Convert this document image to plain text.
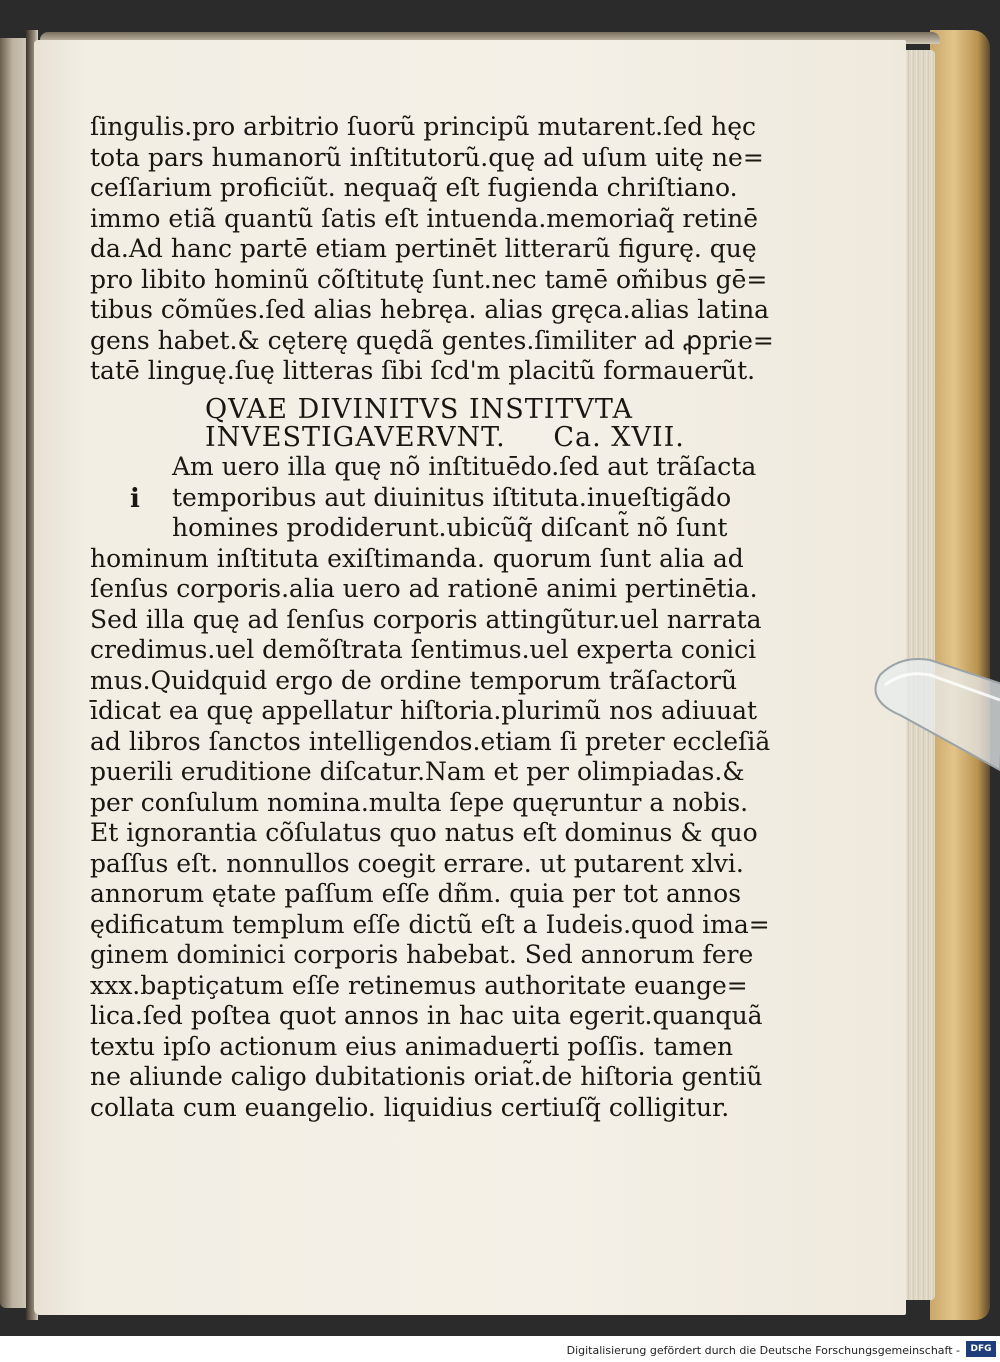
ſingulis.pro arbitrio ſuorũ principũ mutarent.ſed hęc
tota pars humanorũ inſtitutorũ.quę ad uſum uitę ne=
ceſſarium proficiũt. nequaq̃ eſt fugienda chriſtiano.
immo etiã quantũ ſatis eſt intuenda.memoriaq̃ retinē
da.Ad hanc partē etiam pertinēt litterarũ figurę. quę
pro libito hominũ cõſtitutę ſunt.nec tamē om̃ibus gē=
tibus cõmũes.ſed alias hebręa. alias gręca.alias latina
gens habet.& cęterę quędã gentes.ſimiliter ad ꝓprie=
tatē linguę.ſuę litteras ſibi ſcd'm placitũ formauerũt.
QVAE DIVINITVS INSTITVTA
INVESTIGAVERVNT. Ca. XVII.
i
Am uero illa quę nõ inſtituēdo.ſed aut trãſacta
temporibus aut diuinitus iſtituta.inueſtigãdo
homines prodiderunt.ubicũq̃ diſcant̃ nõ ſunt
hominum inſtituta exiſtimanda. quorum ſunt alia ad
ſenſus corporis.alia uero ad rationē animi pertinētia.
Sed illa quę ad ſenſus corporis attingũtur.uel narrata
credimus.uel demõſtrata ſentimus.uel experta conici
mus.Quidquid ergo de ordine temporum trãſactorũ
īdicat ea quę appellatur hiſtoria.plurimũ nos adiuuat
ad libros ſanctos intelligendos.etiam ſi preter eccleſiã
puerili eruditione diſcatur.Nam et per olimpiadas.&
per conſulum nomina.multa ſepe quęruntur a nobis.
Et ignorantia cõſulatus quo natus eſt dominus & quo
paſſus eſt. nonnullos coegit errare. ut putarent xlvi.
annorum ętate paſſum eſſe dñm. quia per tot annos
ędificatum templum eſſe dictũ eſt a Iudeis.quod ima=
ginem dominici corporis habebat. Sed annorum fere
xxx.baptiçatum eſſe retinemus authoritate euange=
lica.ſed poſtea quot annos in hac uita egerit.quanquã
textu ipſo actionum eius animaduerti poſſis. tamen
ne aliunde caligo dubitationis oriat̃.de hiſtoria gentiũ
collata cum euangelio. liquidius certiuſq̃ colligitur.
Digitalisierung gefördert durch die Deutsche Forschungsgemeinschaft -	DFG
